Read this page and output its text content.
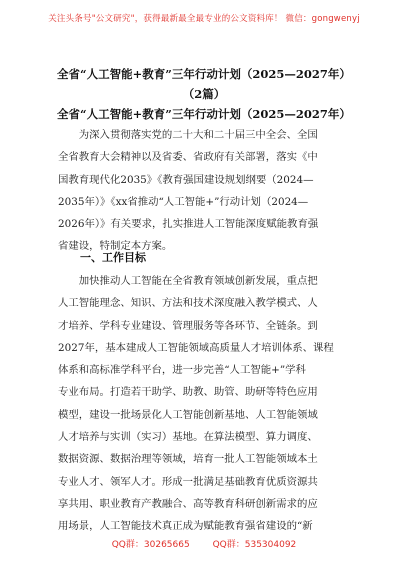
关注头条号"公文研究"，获得最新最全最专业的公文资料库！ 微信：gongwenyj
全省“人工智能+教育”三年行动计划（2025—2027年）
（2篇）
全省“人工智能+教育”三年行动计划（2025—2027年）
　　为深入贯彻落实党的二十大和二十届三中全会、全国
全省教育大会精神以及省委、省政府有关部署，落实《中
国教育现代化2035》《教育强国建设规划纲要（2024—
2035年）》《xx省推动“人工智能+”行动计划（2024—
2026年）》有关要求，扎实推进人工智能深度赋能教育强
省建设，特制定本方案。
一、工作目标
　　加快推动人工智能在全省教育领域创新发展，重点把
人工智能理念、知识、方法和技术深度融入教学模式、人
才培养、学科专业建设、管理服务等各环节、全链条。到
2027年，基本建成人工智能领域高质量人才培训体系、课程
体系和高标准学科平台，进一步完善“人工智能+”学科
专业布局。打造若干助学、助教、助管、助研等特色应用
模型，建设一批场景化人工智能创新基地、人工智能领域
人才培养与实训（实习）基地。在算法模型、算力调度、
数据资源、数据治理等领域，培育一批人工智能领域本土
专业人才、领军人才。形成一批满足基础教育优质资源共
享共用、职业教育产教融合、高等教育科研创新需求的应
用场景，人工智能技术真正成为赋能教育强省建设的“新
QQ群：30265665	QQ群：535304092
